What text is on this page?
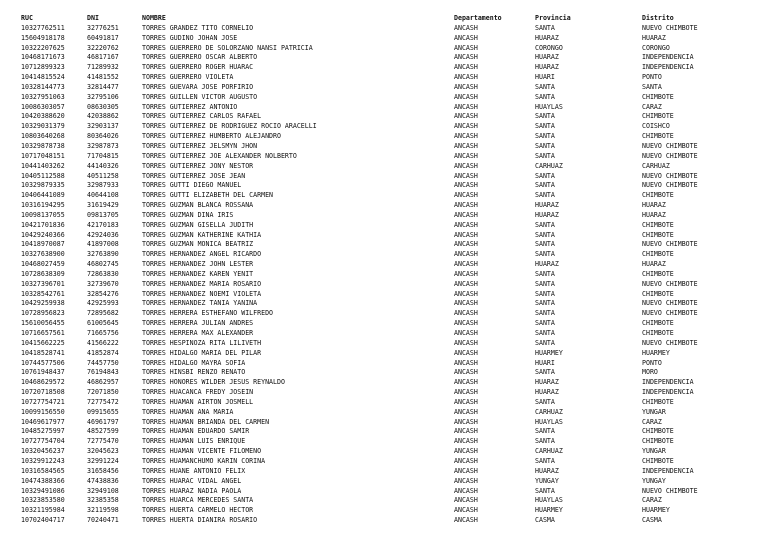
RUC	DNI	NOMBRE	Departamento	Provincia	Distrito
10327762511	32776251	TORRES GRANDEZ TITO CORNELIO	ANCASH	SANTA	NUEVO CHIMBOTE
15604918178	60491817	TORRES GUDINO JOHAN JOSE	ANCASH	HUARAZ	HUARAZ
10322207625	32220762	TORRES GUERRERO DE SOLORZANO NANSI PATRICIA	ANCASH	CORONGO	CORONGO
10468171673	46817167	TORRES GUERRERO OSCAR ALBERTO	ANCASH	HUARAZ	INDEPENDENCIA
10712899323	71289932	TORRES GUERRERO ROGER HUARAC	ANCASH	HUARAZ	INDEPENDENCIA
10414815524	41481552	TORRES GUERRERO VIOLETA	ANCASH	HUARI	PONTO
10328144773	32814477	TORRES GUEVARA JOSE PORFIRIO	ANCASH	SANTA	SANTA
10327951063	32795106	TORRES GUILLEN VICTOR AUGUSTO	ANCASH	SANTA	CHIMBOTE
10086303057	08630305	TORRES GUTIERREZ ANTONIO	ANCASH	HUAYLAS	CARAZ
10420388620	42038862	TORRES GUTIERREZ CARLOS RAFAEL	ANCASH	SANTA	CHIMBOTE
10329031379	32903137	TORRES GUTIERREZ DE RODRIGUEZ ROCIO ARACELLI	ANCASH	SANTA	COISHCO
10803640268	80364026	TORRES GUTIERREZ HUMBERTO ALEJANDRO	ANCASH	SANTA	CHIMBOTE
10329878738	32987873	TORRES GUTIERREZ JELSMYN JHON	ANCASH	SANTA	NUEVO CHIMBOTE
10717048151	71704815	TORRES GUTIERREZ JOE ALEXANDER NOLBERTO	ANCASH	SANTA	NUEVO CHIMBOTE
10441403262	44140326	TORRES GUTIERREZ JONY NESTOR	ANCASH	CARHUAZ	CARHUAZ
10405112588	40511258	TORRES GUTIERREZ JOSE JEAN	ANCASH	SANTA	NUEVO CHIMBOTE
10329879335	32987933	TORRES GUTTI DIEGO MANUEL	ANCASH	SANTA	NUEVO CHIMBOTE
10406441089	40644108	TORRES GUTTI ELIZABETH DEL CARMEN	ANCASH	SANTA	CHIMBOTE
10316194295	31619429	TORRES GUZMAN BLANCA ROSSANA	ANCASH	HUARAZ	HUARAZ
10098137055	09813705	TORRES GUZMAN DINA IRIS	ANCASH	HUARAZ	HUARAZ
10421701836	42170183	TORRES GUZMAN GISELLA JUDITH	ANCASH	SANTA	CHIMBOTE
10429240366	42924036	TORRES GUZMAN KATHERINE KATHIA	ANCASH	SANTA	CHIMBOTE
10418970087	41897008	TORRES GUZMAN MONICA BEATRIZ	ANCASH	SANTA	NUEVO CHIMBOTE
10327638900	32763890	TORRES HERNANDEZ ANGEL RICARDO	ANCASH	SANTA	CHIMBOTE
10468027459	46802745	TORRES HERNANDEZ JOHN LESTER	ANCASH	HUARAZ	HUARAZ
10728638309	72863830	TORRES HERNANDEZ KAREN YENIT	ANCASH	SANTA	CHIMBOTE
10327396701	32739670	TORRES HERNANDEZ MARIA ROSARIO	ANCASH	SANTA	NUEVO CHIMBOTE
10328542761	32854276	TORRES HERNANDEZ NOEMI VIOLETA	ANCASH	SANTA	CHIMBOTE
10429259938	42925993	TORRES HERNANDEZ TANIA YANINA	ANCASH	SANTA	NUEVO CHIMBOTE
10728956823	72895682	TORRES HERRERA ESTHEFANO WILFREDO	ANCASH	SANTA	NUEVO CHIMBOTE
15610056455	61005645	TORRES HERRERA JULIAN ANDRES	ANCASH	SANTA	CHIMBOTE
10716657561	71665756	TORRES HERRERA MAX ALEXANDER	ANCASH	SANTA	CHIMBOTE
10415662225	41566222	TORRES HESPINOZA RITA LILIVETH	ANCASH	SANTA	NUEVO CHIMBOTE
10418528741	41852874	TORRES HIDALGO MARIA DEL PILAR	ANCASH	HUARMEY	HUARMEY
10744577506	74457750	TORRES HIDALGO MAYRA SOFIA	ANCASH	HUARI	PONTO
10761948437	76194843	TORRES HINSBI RENZO RENATO	ANCASH	SANTA	MORO
10468629572	46862957	TORRES HONORES WILDER JESUS REYNALDO	ANCASH	HUARAZ	INDEPENDENCIA
10720718508	72071850	TORRES HUACANCA FREDY JOSEIN	ANCASH	HUARAZ	INDEPENDENCIA
10727754721	72775472	TORRES HUAMAN AIRTON JOSMELL	ANCASH	SANTA	CHIMBOTE
10099156550	09915655	TORRES HUAMAN ANA MARIA	ANCASH	CARHUAZ	YUNGAR
10469617977	46961797	TORRES HUAMAN BRIANDA DEL CARMEN	ANCASH	HUAYLAS	CARAZ
10485275997	48527599	TORRES HUAMAN EDUARDO SAMIR	ANCASH	SANTA	CHIMBOTE
10727754704	72775470	TORRES HUAMAN LUIS ENRIQUE	ANCASH	SANTA	CHIMBOTE
10320456237	32045623	TORRES HUAMAN VICENTE FILOMENO	ANCASH	CARHUAZ	YUNGAR
10329912243	32991224	TORRES HUAMANCHUMO KARIN CORINA	ANCASH	SANTA	CHIMBOTE
10316584565	31658456	TORRES HUANE ANTONIO FELIX	ANCASH	HUARAZ	INDEPENDENCIA
10474388366	47438836	TORRES HUARAC VIDAL ANGEL	ANCASH	YUNGAY	YUNGAY
10329491086	32949108	TORRES HUARAZ NADIA PAOLA	ANCASH	SANTA	NUEVO CHIMBOTE
10323853580	32385358	TORRES HUARCA MERCEDES SANTA	ANCASH	HUAYLAS	CARAZ
10321195984	32119598	TORRES HUERTA CARMELO HECTOR	ANCASH	HUARMEY	HUARMEY
10702404717	70240471	TORRES HUERTA DIANIRA ROSARIO	ANCASH	CASMA	CASMA
